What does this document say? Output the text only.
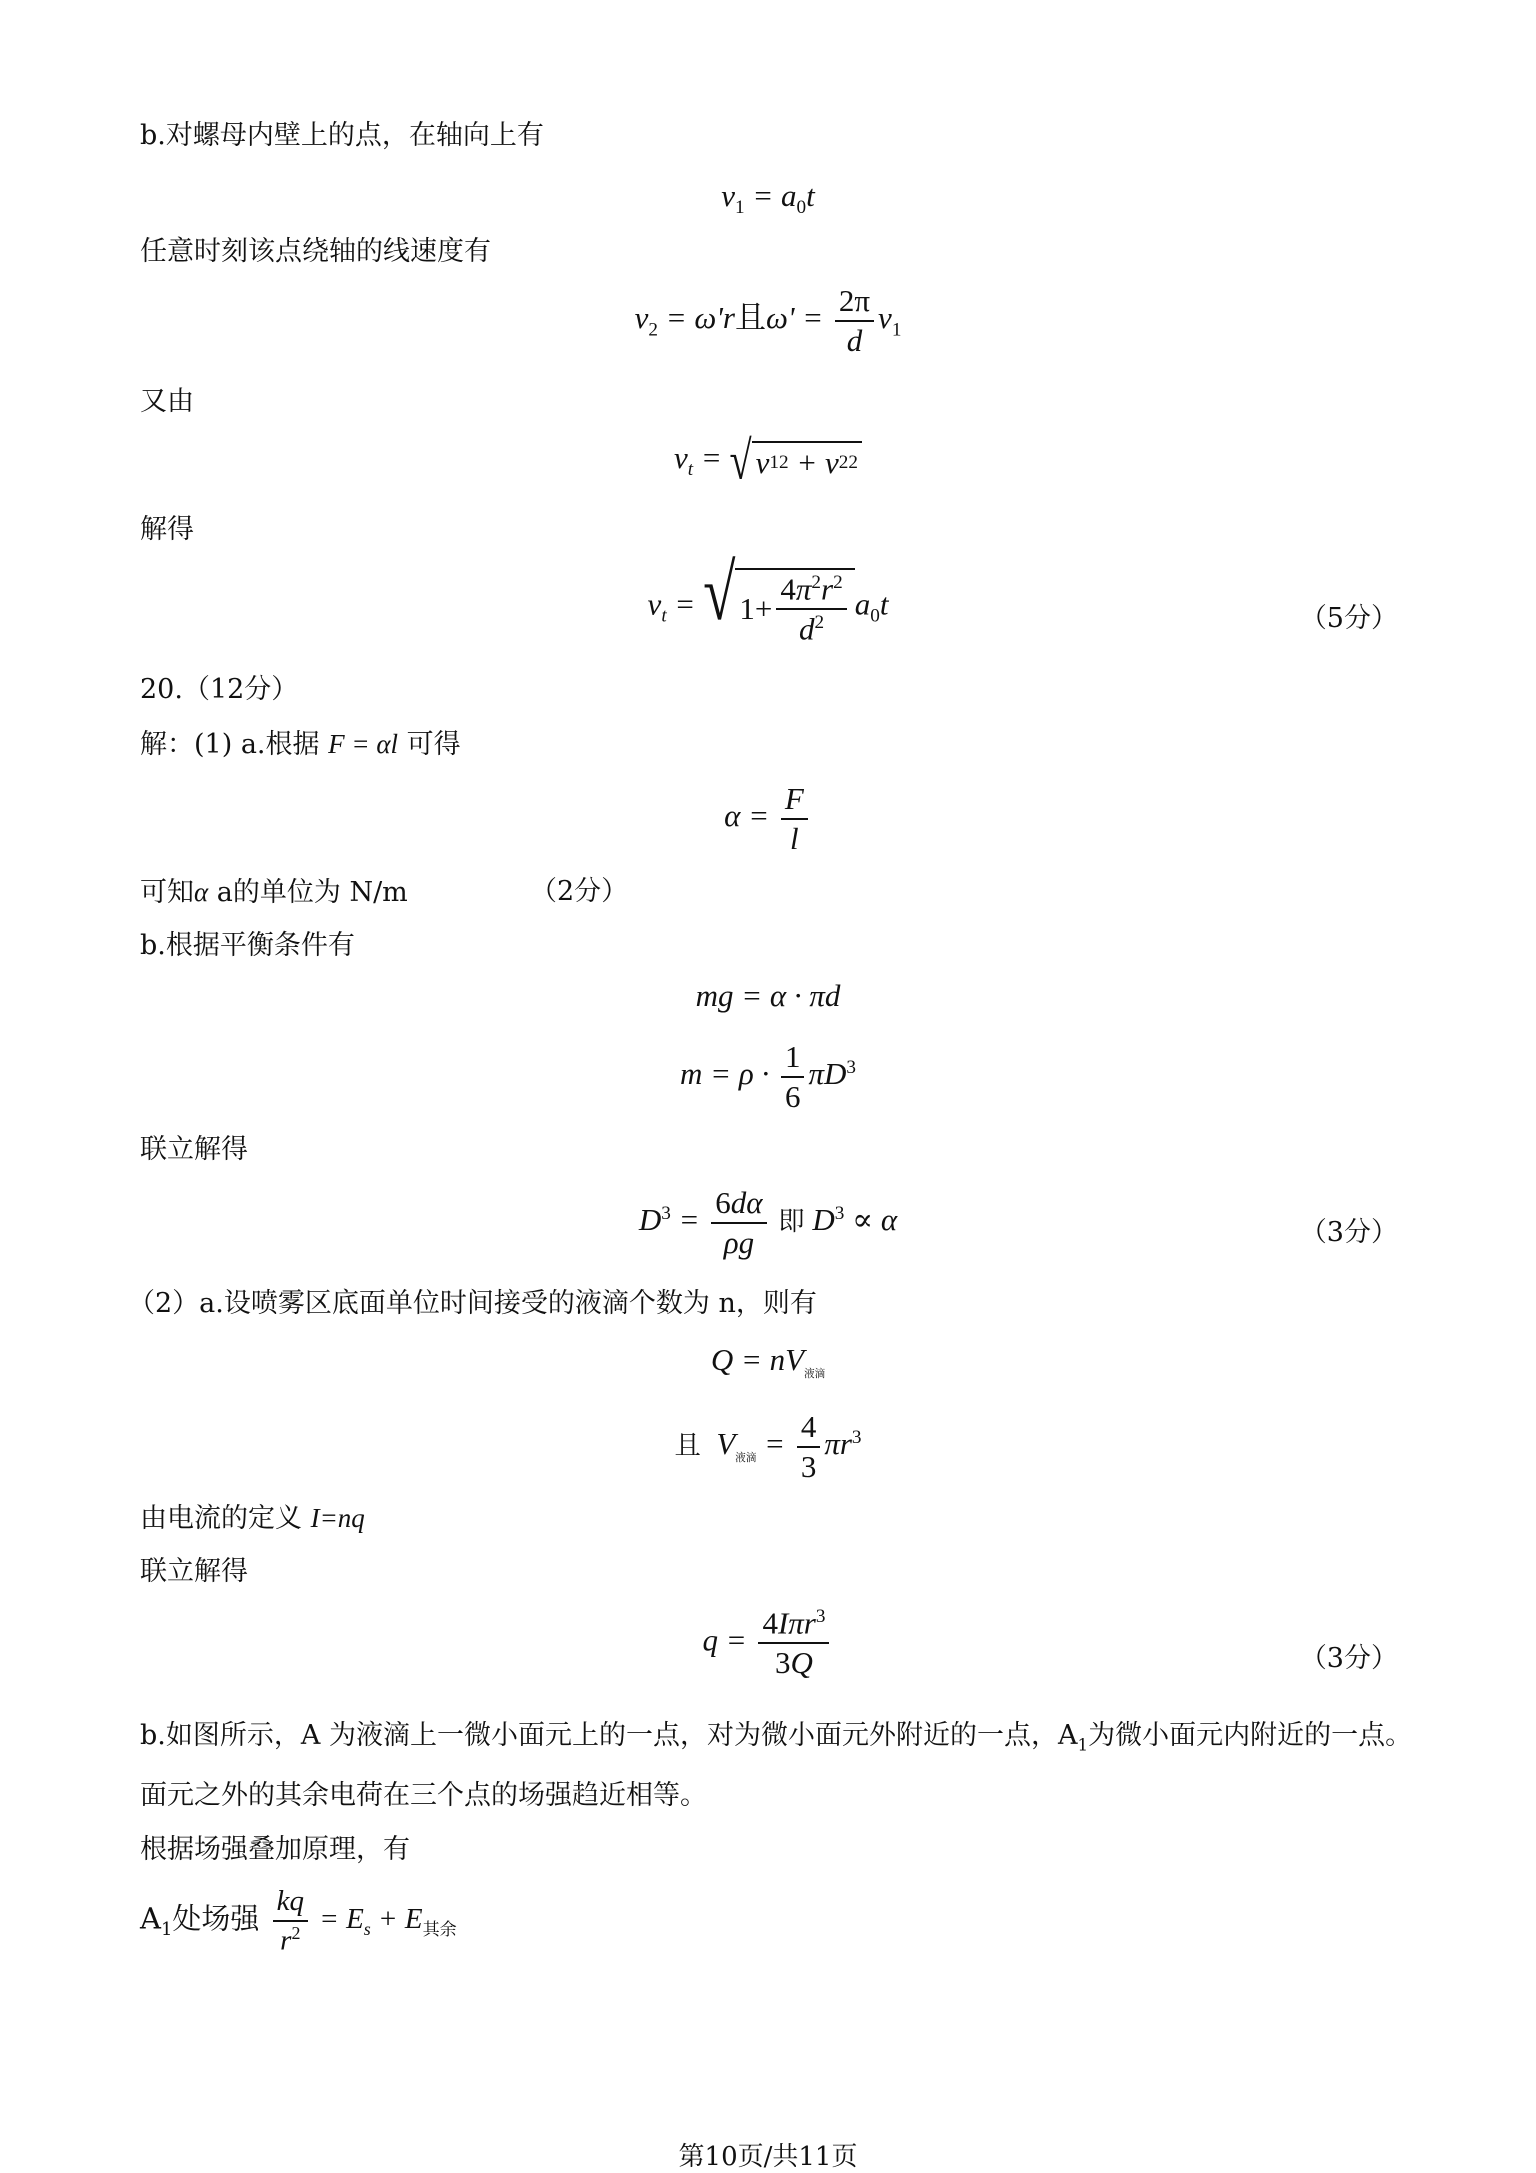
b.对螺母内壁上的点，在轴向上有
$v_1 = a_0t$
任意时刻该点绕轴的线速度有
$v_2 = \omega'r$且$\omega' = \frac{2\pi}{d} v_1$
又由
$v_t$ = √ v 1 2 + v 2 2
解得
$v_t$ = √ $1+ \frac{4\pi^2r^2}{d^2} a_0t$	（5分）
20.（12分）
解：(1) a.根据 F = αl 可得
$\alpha = \frac{F}{l}$
可知α a的单位为 N/m	（2分）
b.根据平衡条件有
mg = α · πd
$m = \rho \cdot \frac{1}{6} \pi D^3$
联立解得
$D^3 = \frac{6d\alpha}{\rho g}$ 即 $D^3 \propto \alpha$	（3分）
（2）a.设喷雾区底面单位时间接受的液滴个数为 n，则有
$Q = nV_{液滴}$
且  $V_{液滴} = \frac{4}{3} \pi r^3$
由电流的定义 I=nq
联立解得
$q = \frac{4I\pi r^3}{3Q}$	（3分）
b.如图所示，A 为液滴上一微小面元上的一点，对为微小面元外附近的一点，$A_1$为微小面元内附近的一点。
面元之外的其余电荷在三个点的场强趋近相等。
根据场强叠加原理，有
$A_1$处场强 $\frac{kq}{r^2} = E_s + E_{其余}$
第10页/共11页
